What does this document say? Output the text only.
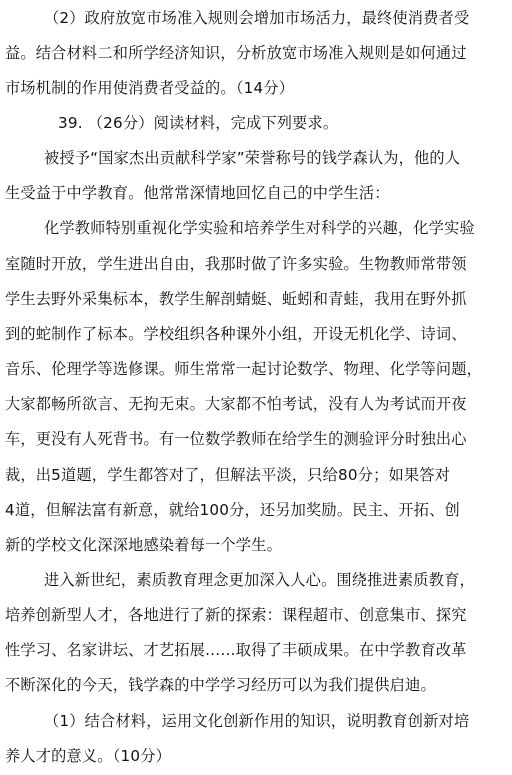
（2）政府放宽市场准入规则会增加市场活力，最终使消费者受
益。结合材料二和所学经济知识，分析放宽市场准入规则是如何通过
市场机制的作用使消费者受益的。（14分）
39. （26分）阅读材料，完成下列要求。
被授予“国家杰出贡献科学家”荣誉称号的钱学森认为，他的人
生受益于中学教育。他常常深情地回忆自己的中学生活：
化学教师特别重视化学实验和培养学生对科学的兴趣，化学实验
室随时开放，学生进出自由，我那时做了许多实验。生物教师常带领
学生去野外采集标本，教学生解剖蜻蜓、蚯蚓和青蛙，我用在野外抓
到的蛇制作了标本。学校组织各种课外小组，开设无机化学、诗词、
音乐、伦理学等选修课。师生常常一起讨论数学、物理、化学等问题，
大家都畅所欲言、无拘无束。大家都不怕考试，没有人为考试而开夜
车，更没有人死背书。有一位数学教师在给学生的测验评分时独出心
裁，出5道题，学生都答对了，但解法平淡，只给80分；如果答对
4道，但解法富有新意，就给100分，还另加奖励。民主、开拓、创
新的学校文化深深地感染着每一个学生。
进入新世纪，素质教育理念更加深入人心。围绕推进素质教育，
培养创新型人才，各地进行了新的探索：课程超市、创意集市、探究
性学习、名家讲坛、才艺拓展……取得了丰硕成果。在中学教育改革
不断深化的今天，钱学森的中学学习经历可以为我们提供启迪。
（1）结合材料，运用文化创新作用的知识，说明教育创新对培
养人才的意义。（10分）
